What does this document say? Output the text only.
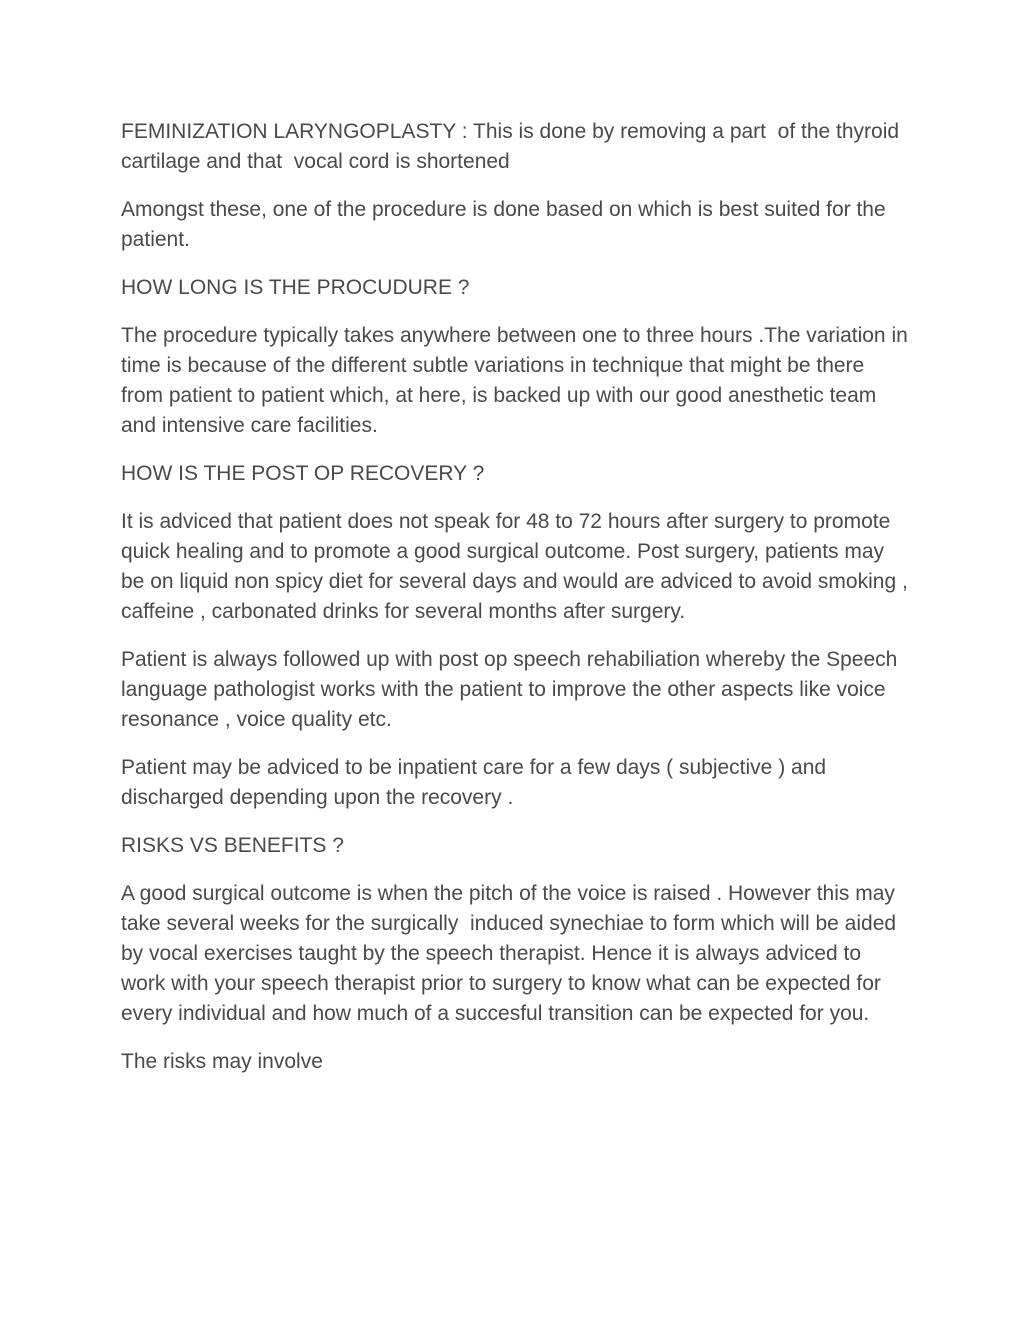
FEMINIZATION LARYNGOPLASTY : This is done by removing a part  of the thyroid cartilage and that  vocal cord is shortened

Amongst these, one of the procedure is done based on which is best suited for the patient.

HOW LONG IS THE PROCUDURE ?

The procedure typically takes anywhere between one to three hours .The variation in time is because of the different subtle variations in technique that might be there from patient to patient which, at here, is backed up with our good anesthetic team and intensive care facilities.

HOW IS THE POST OP RECOVERY ?

It is adviced that patient does not speak for 48 to 72 hours after surgery to promote quick healing and to promote a good surgical outcome. Post surgery, patients may be on liquid non spicy diet for several days and would are adviced to avoid smoking , caffeine , carbonated drinks for several months after surgery.

Patient is always followed up with post op speech rehabiliation whereby the Speech language pathologist works with the patient to improve the other aspects like voice resonance , voice quality etc.

Patient may be adviced to be inpatient care for a few days ( subjective ) and discharged depending upon the recovery .

RISKS VS BENEFITS ?

A good surgical outcome is when the pitch of the voice is raised . However this may take several weeks for the surgically  induced synechiae to form which will be aided by vocal exercises taught by the speech therapist. Hence it is always adviced to work with your speech therapist prior to surgery to know what can be expected for every individual and how much of a succesful transition can be expected for you.

The risks may involve
